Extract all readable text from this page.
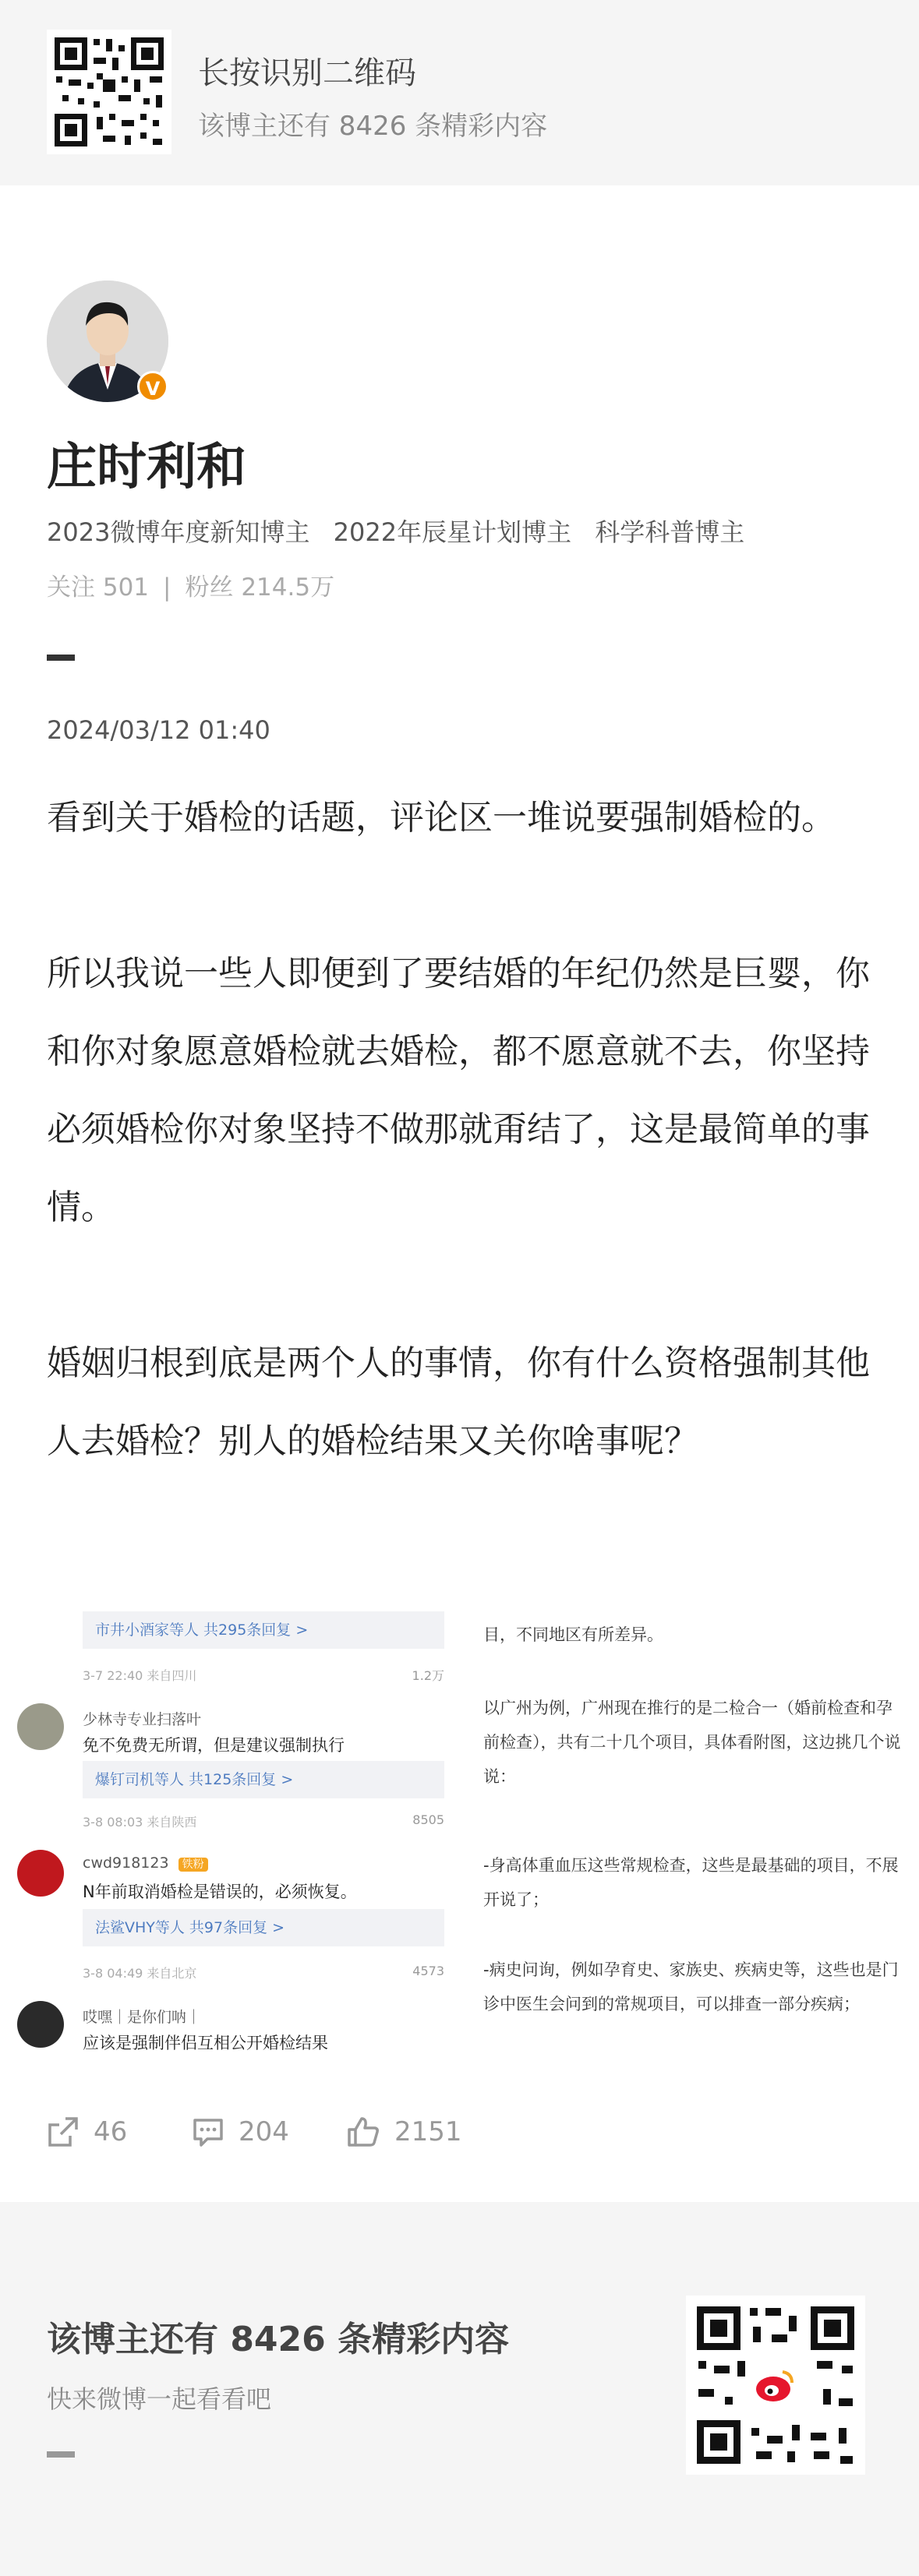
长按识别二维码
该博主还有 8426 条精彩内容
V
庄时利和
2023微博年度新知博主 2022年辰星计划博主 科学科普博主
关注 501 | 粉丝 214.5万
2024/03/12 01:40

看到关于婚检的话题，评论区一堆说要强制婚检的。

所以我说一些人即便到了要结婚的年纪仍然是巨婴，你和你对象愿意婚检就去婚检，都不愿意就不去，你坚持必须婚检你对象坚持不做那就甭结了，这是最简单的事情。

婚姻归根到底是两个人的事情，你有什么资格强制其他人去婚检？别人的婚检结果又关你啥事呢？

市井小酒家等人 共295条回复 >
3-7 22:40 来自四川	1.2万
少林寺专业扫落叶
免不免费无所谓，但是建议强制执行
爆钉司机等人 共125条回复 >
3-8 08:03 来自陕西	8505
cwd918123 铁粉
N年前取消婚检是错误的，必须恢复。
法鲨VHY等人 共97条回复 >
3-8 04:49 来自北京	4573
哎嘿｜是你们呐｜
应该是强制伴侣互相公开婚检结果

目，不同地区有所差异。

以广州为例，广州现在推行的是二检合一（婚前检查和孕前检查），共有二十几个项目，具体看附图，这边挑几个说说：

-身高体重血压这些常规检查，这些是最基础的项目，不展开说了；

-病史问询，例如孕育史、家族史、疾病史等，这些也是门诊中医生会问到的常规项目，可以排查一部分疾病；

46	204	2151
该博主还有 8426 条精彩内容
快来微博一起看看吧
